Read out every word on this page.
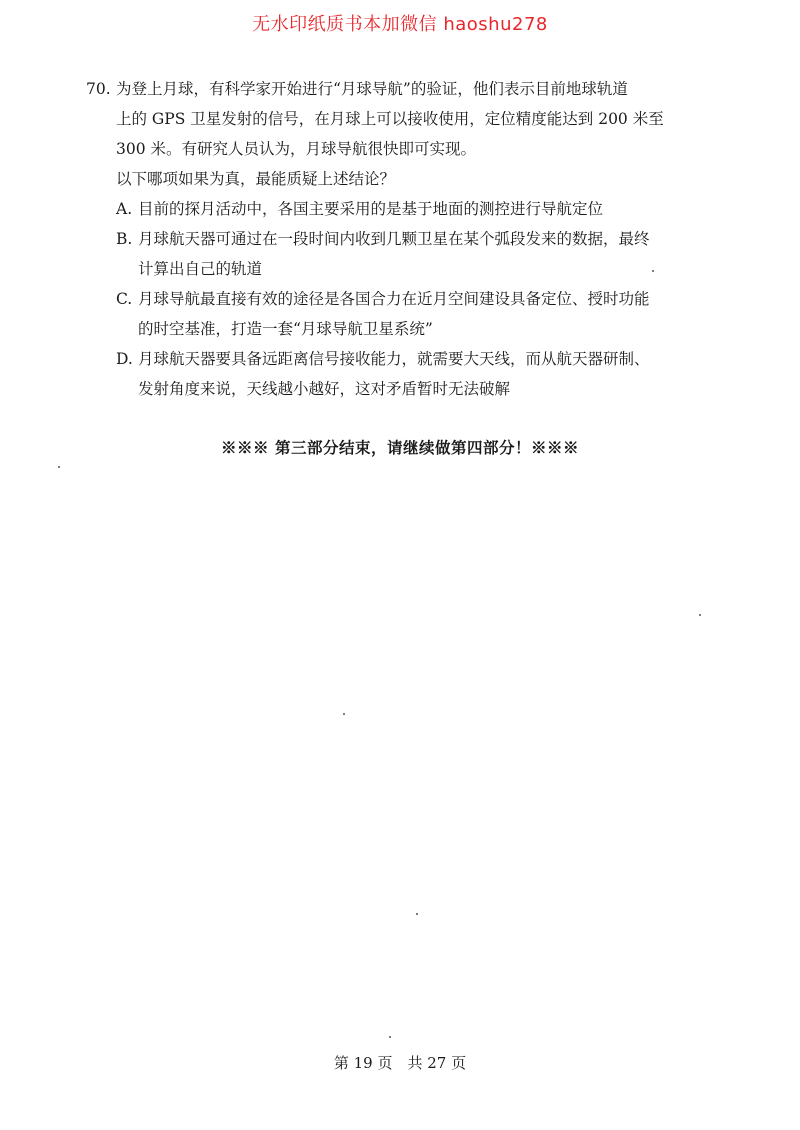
无水印纸质书本加微信 haoshu278
70. 为登上月球，有科学家开始进行“月球导航”的验证，他们表示目前地球轨道
上的 GPS 卫星发射的信号，在月球上可以接收使用，定位精度能达到 200 米至
300 米。有研究人员认为，月球导航很快即可实现。
以下哪项如果为真，最能质疑上述结论？
A. 目前的探月活动中，各国主要采用的是基于地面的测控进行导航定位
B. 月球航天器可通过在一段时间内收到几颗卫星在某个弧段发来的数据，最终
计算出自己的轨道
C. 月球导航最直接有效的途径是各国合力在近月空间建设具备定位、授时功能
的时空基准，打造一套“月球导航卫星系统”
D. 月球航天器要具备远距离信号接收能力，就需要大天线，而从航天器研制、
发射角度来说，天线越小越好，这对矛盾暂时无法破解
※※※ 第三部分结束，请继续做第四部分！※※※
第 19 页　共 27 页
